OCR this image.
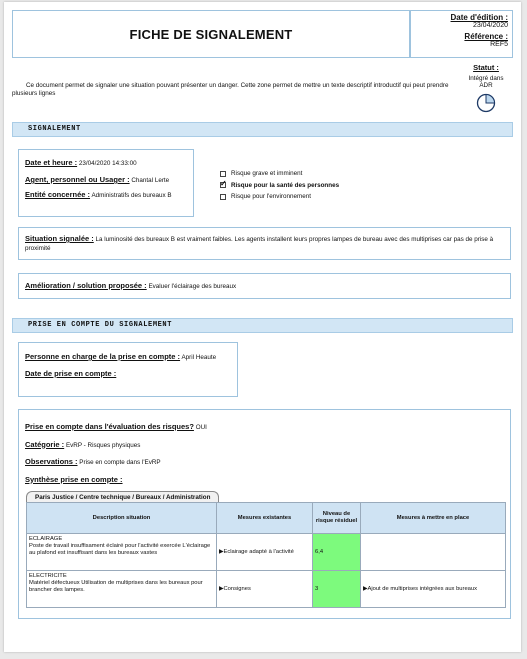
FICHE DE SIGNALEMENT
Date d'édition :
23/04/2020
Référence :
REF5
Ce document permet de signaler une situation pouvant présenter un danger. Cette zone permet de mettre un texte descriptif introductif qui peut prendre plusieurs lignes
Statut :
Intégré dans
ADR
SIGNALEMENT
Date et heure : 23/04/2020 14:33:00
Agent, personnel ou Usager : Chantal Lerte
Entité concernée : Administratifs des bureaux B
Risque grave et imminent
✓
Risque pour la santé des personnes
Risque pour l'environnement
Situation signalée : La luminosité des bureaux B est vraiment faibles. Les agents installent leurs propres lampes de bureau avec des multiprises car pas de prise à proximité
Amélioration / solution proposée : Evaluer l'éclairage des bureaux
PRISE EN COMPTE DU SIGNALEMENT
Personne en charge de la prise en compte : April Heaute
Date de prise en compte :
Prise en compte dans l'évaluation des risques? OUI
Catégorie : EvRP - Risques physiques
Observations : Prise en compte dans l'EvRP
Synthèse prise en compte :
Paris Justice / Centre technique / Bureaux / Administration
Description situation	Mesures existantes	Niveau de risque résiduel	Mesures à mettre en place

ECLAIRAGE
Poste de travail insuffisament éclairé pour l'activité exercée L'éclairage au plafond est insuffisant dans les bureaux vastes	▶Eclairage adapté à l'activité	6,4	

ELECTRICITE
Matériel défectueux Utilisation de multiprises dans les bureaux pour brancher des lampes.	▶Consignes	3	▶Ajout de multiprises intégrées aux bureaux
